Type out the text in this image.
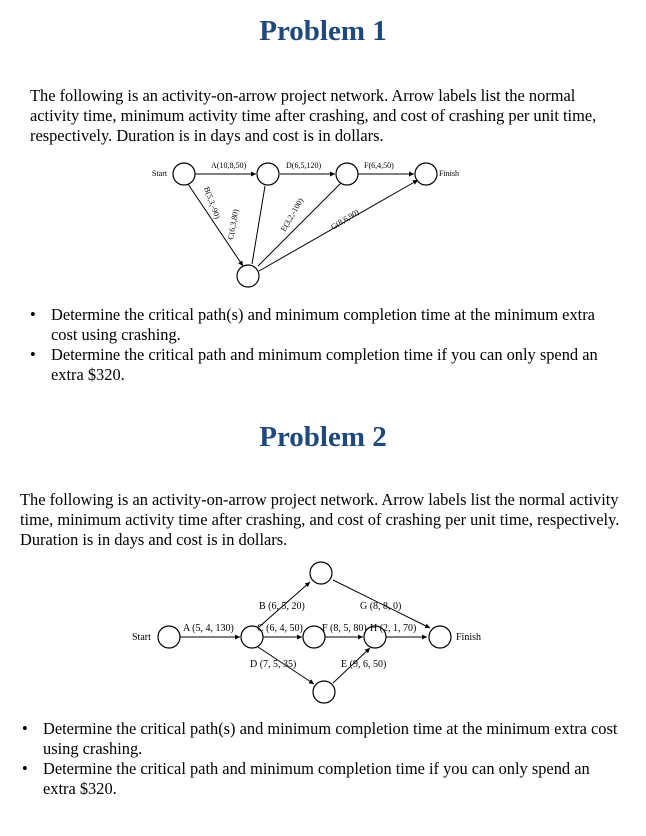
Problem 1

The following is an activity-on-arrow project network. Arrow labels list the normal activity time, minimum activity time after crashing, and cost of crashing per unit time, respectively. Duration is in days and cost is in dollars.

Start	Finish
A(10,8,50)	D(6,5,120)	F(6,4,50)
B(5,3,-90)
C(6,3,80)	E(3,2,-100)	G(8,6,90)
• Determine the critical path(s) and minimum completion time at the minimum extra cost using crashing.
• Determine the critical path and minimum completion time if you can only spend an extra $320.
Problem 2

The following is an activity-on-arrow project network. Arrow labels list the normal activity time, minimum activity time after crashing, and cost of crashing per unit time, respectively. Duration is in days and cost is in dollars.

Start	Finish
A (5, 4, 130)
B (6, 5, 20)	G (8, 8, 0)
C (6, 4, 50) F (8, 5, 80) H (2, 1, 70)
D (7, 5, 35)	E (9, 6, 50)
• Determine the critical path(s) and minimum completion time at the minimum extra cost using crashing.
• Determine the critical path and minimum completion time if you can only spend an extra $320.
